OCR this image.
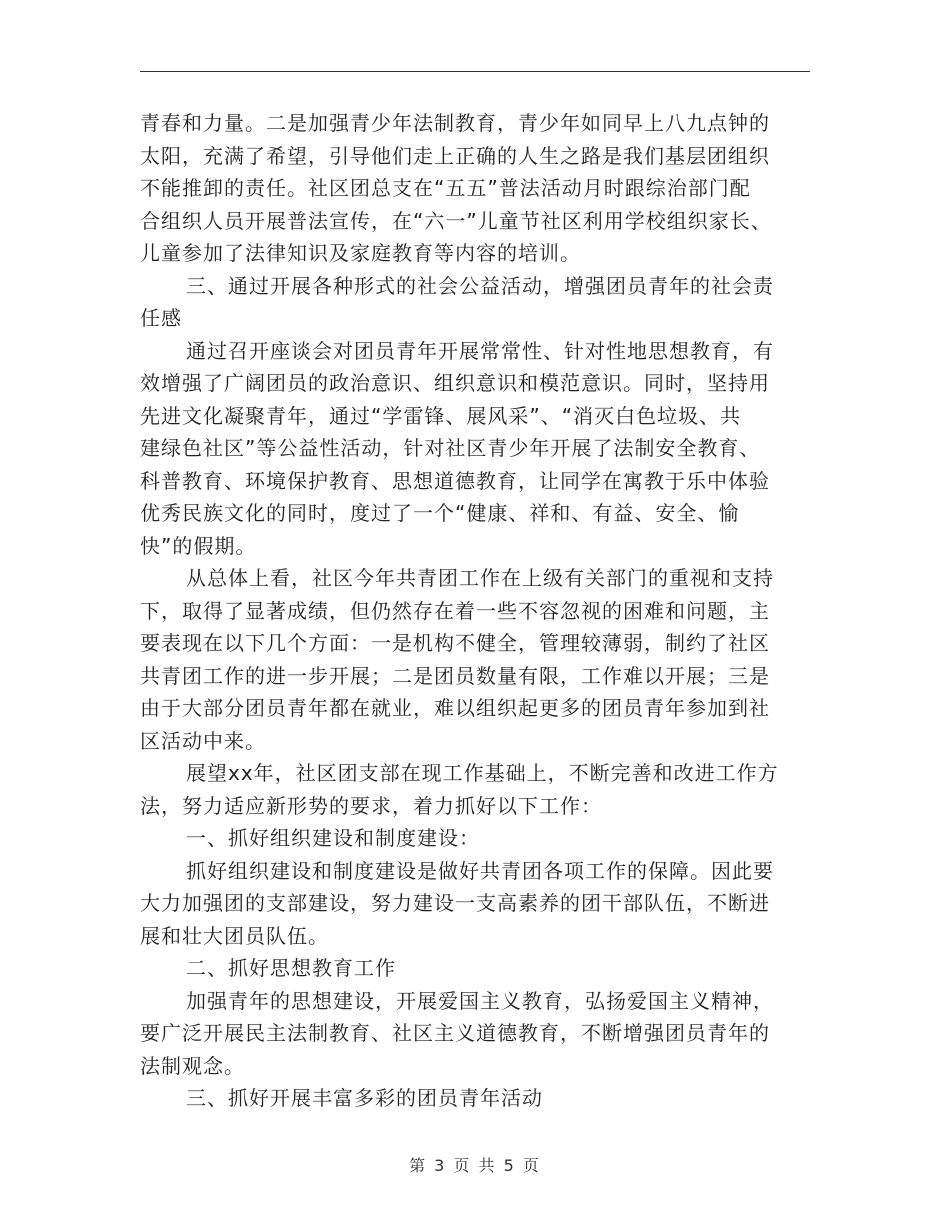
青春和力量。二是加强青少年法制教育，青少年如同早上八九点钟的
太阳，充满了希望，引导他们走上正确的人生之路是我们基层团组织
不能推卸的责任。社区团总支在“五五”普法活动月时跟综治部门配
合组织人员开展普法宣传，在“六一”儿童节社区利用学校组织家长、
儿童参加了法律知识及家庭教育等内容的培训。
三、通过开展各种形式的社会公益活动，增强团员青年的社会责
任感
通过召开座谈会对团员青年开展常常性、针对性地思想教育，有
效增强了广阔团员的政治意识、组织意识和模范意识。同时，坚持用
先进文化凝聚青年，通过“学雷锋、展风采”、“消灭白色垃圾、共
建绿色社区”等公益性活动，针对社区青少年开展了法制安全教育、
科普教育、环境保护教育、思想道德教育，让同学在寓教于乐中体验
优秀民族文化的同时，度过了一个“健康、祥和、有益、安全、愉
快”的假期。
从总体上看，社区今年共青团工作在上级有关部门的重视和支持
下，取得了显著成绩，但仍然存在着一些不容忽视的困难和问题，主
要表现在以下几个方面：一是机构不健全，管理较薄弱，制约了社区
共青团工作的进一步开展；二是团员数量有限，工作难以开展；三是
由于大部分团员青年都在就业，难以组织起更多的团员青年参加到社
区活动中来。
展望xx年，社区团支部在现工作基础上，不断完善和改进工作方
法，努力适应新形势的要求，着力抓好以下工作：
一、抓好组织建设和制度建设：
抓好组织建设和制度建设是做好共青团各项工作的保障。因此要
大力加强团的支部建设，努力建设一支高素养的团干部队伍，不断进
展和壮大团员队伍。
二、抓好思想教育工作
加强青年的思想建设，开展爱国主义教育，弘扬爱国主义精神，
要广泛开展民主法制教育、社区主义道德教育，不断增强团员青年的
法制观念。
三、抓好开展丰富多彩的团员青年活动
第 3 页 共 5 页
